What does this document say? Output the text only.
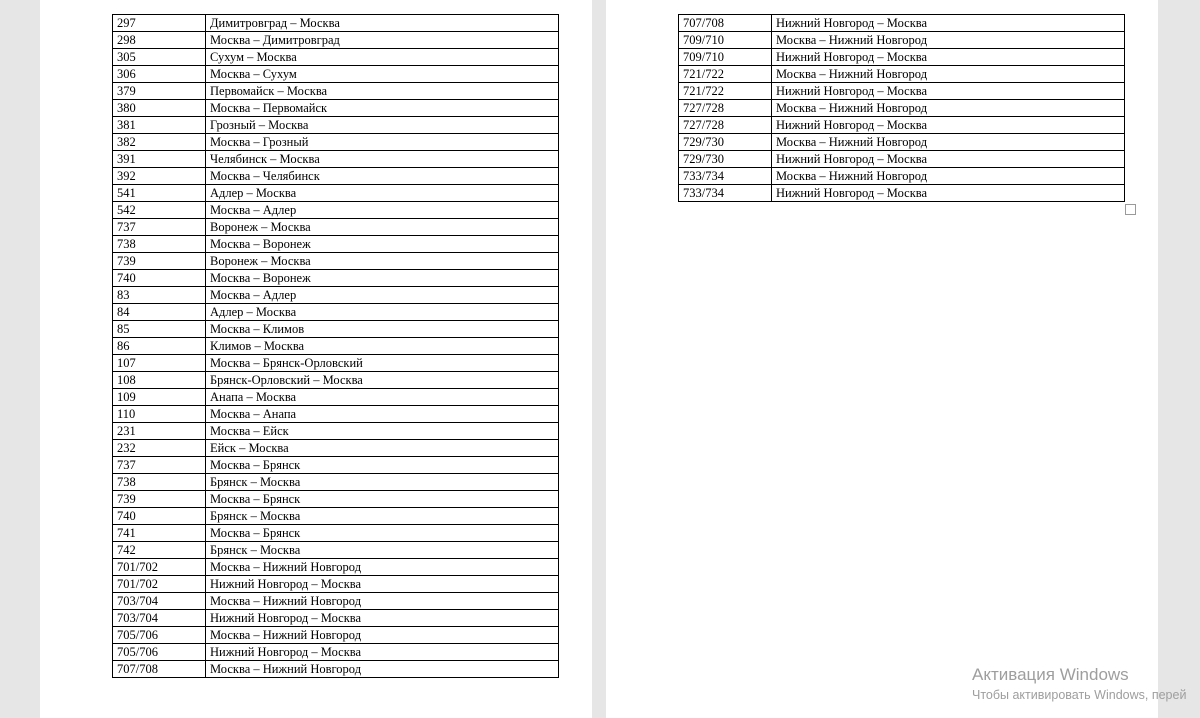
297	Димитровград – Москва
298	Москва – Димитровград
305	Сухум – Москва
306	Москва – Сухум
379	Первомайск – Москва
380	Москва – Первомайск
381	Грозный – Москва
382	Москва – Грозный
391	Челябинск – Москва
392	Москва – Челябинск
541	Адлер – Москва
542	Москва – Адлер
737	Воронеж – Москва
738	Москва – Воронеж
739	Воронеж – Москва
740	Москва – Воронеж
83	Москва – Адлер
84	Адлер – Москва
85	Москва – Климов
86	Климов – Москва
107	Москва – Брянск-Орловский
108	Брянск-Орловский – Москва
109	Анапа – Москва
110	Москва – Анапа
231	Москва – Ейск
232	Ейск – Москва
737	Москва – Брянск
738	Брянск – Москва
739	Москва – Брянск
740	Брянск – Москва
741	Москва – Брянск
742	Брянск – Москва
701/702	Москва – Нижний Новгород
701/702	Нижний Новгород – Москва
703/704	Москва – Нижний Новгород
703/704	Нижний Новгород – Москва
705/706	Москва – Нижний Новгород
705/706	Нижний Новгород – Москва
707/708	Москва – Нижний Новгород
707/708	Нижний Новгород – Москва
709/710	Москва – Нижний Новгород
709/710	Нижний Новгород – Москва
721/722	Москва – Нижний Новгород
721/722	Нижний Новгород – Москва
727/728	Москва – Нижний Новгород
727/728	Нижний Новгород – Москва
729/730	Москва – Нижний Новгород
729/730	Нижний Новгород – Москва
733/734	Москва – Нижний Новгород
733/734	Нижний Новгород – Москва
Активация Windows
Чтобы активировать Windows, перей
